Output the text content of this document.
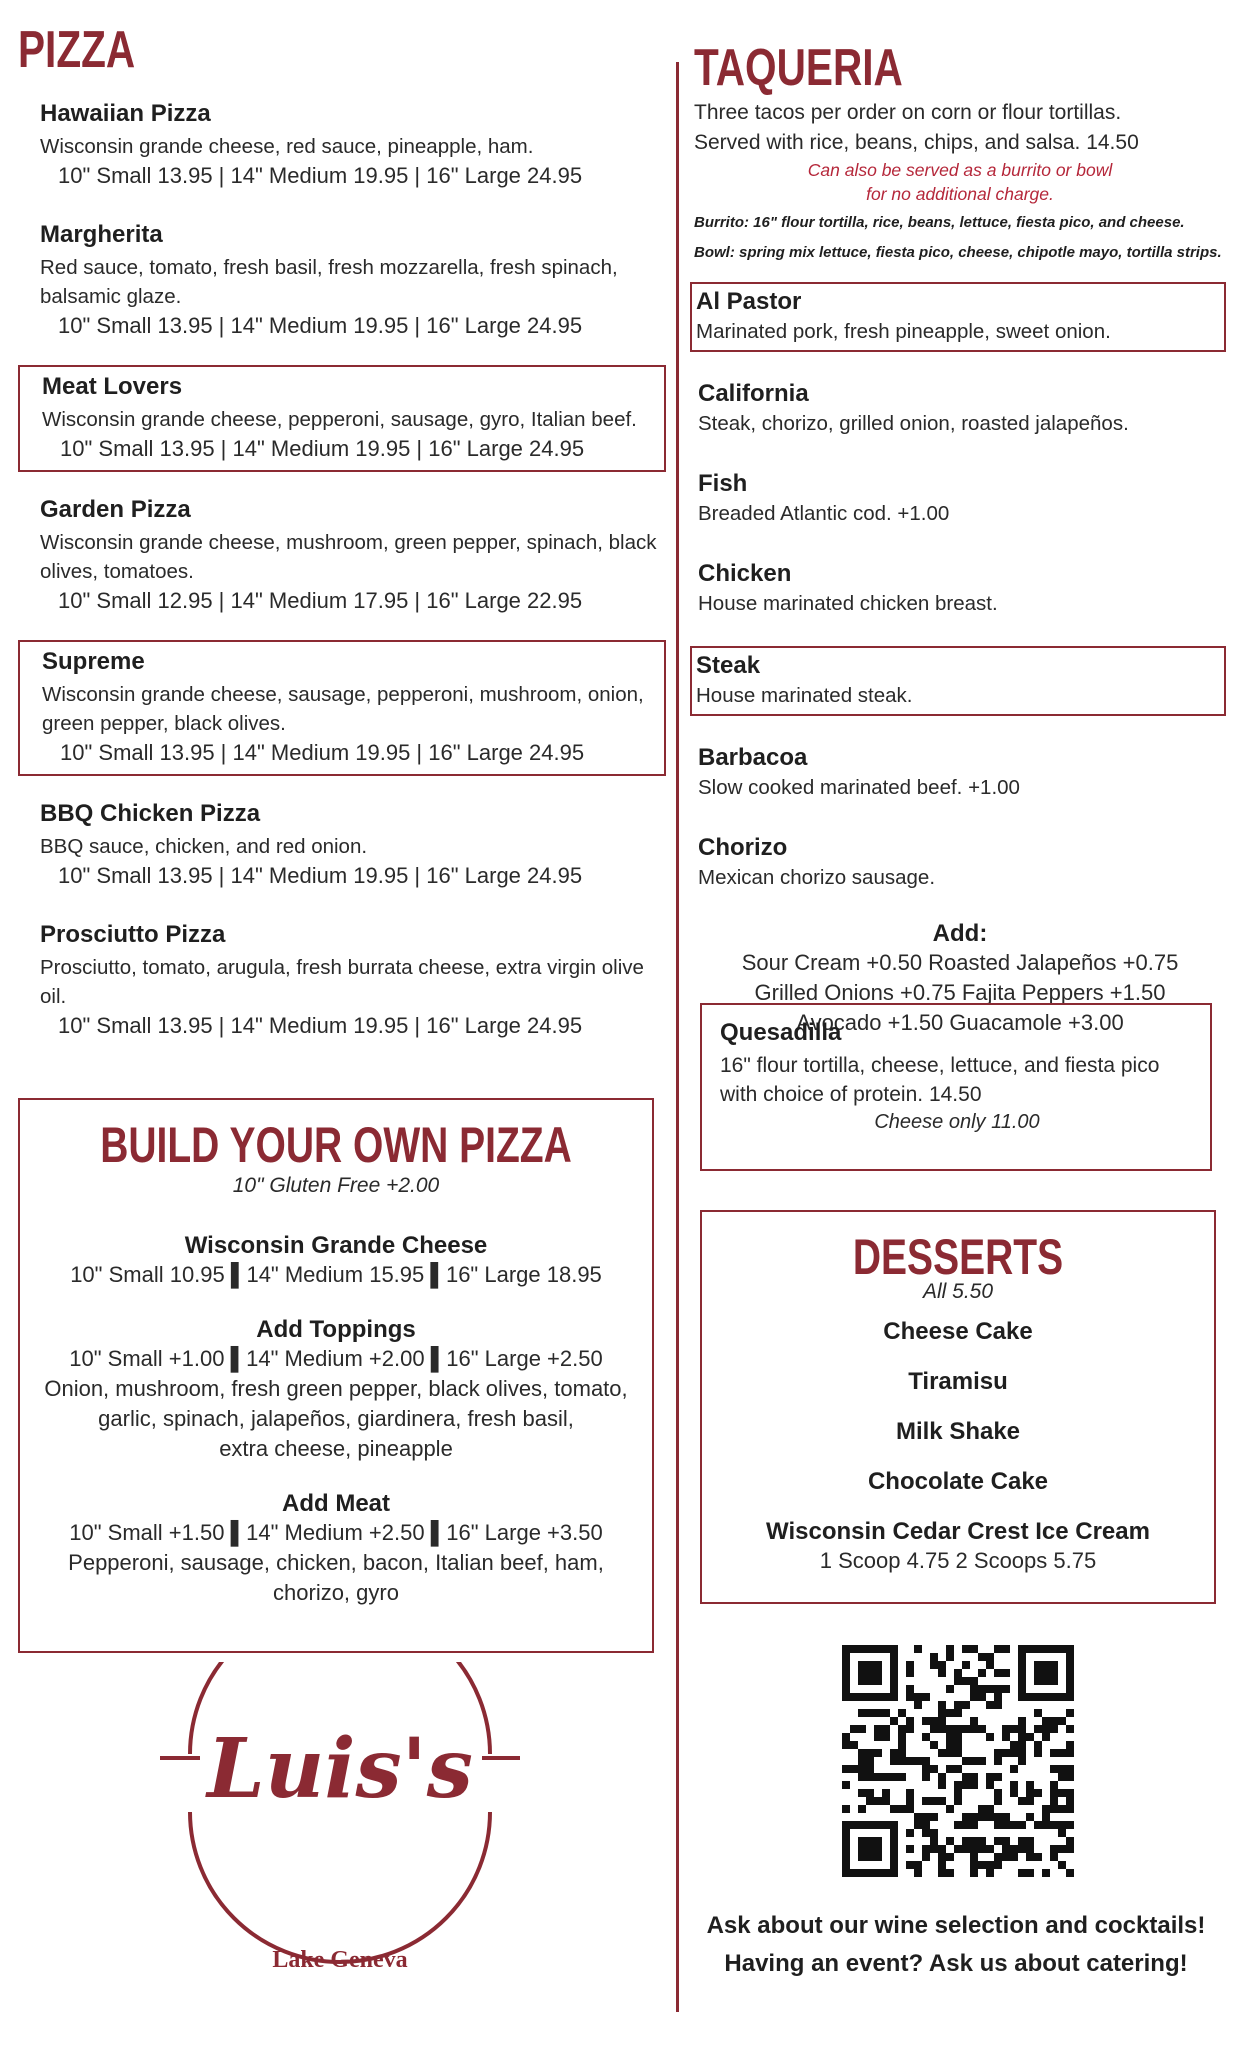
PIZZA

Hawaiian Pizza

Wisconsin grande cheese, red sauce, pineapple, ham.

10" Small 13.95 | 14" Medium 19.95 | 16" Large 24.95

Margherita

Red sauce, tomato, fresh basil, fresh mozzarella, fresh spinach, balsamic glaze.

10" Small 13.95 | 14" Medium 19.95 | 16" Large 24.95

Meat Lovers

Wisconsin grande cheese, pepperoni, sausage, gyro, Italian beef.

10" Small 13.95 | 14" Medium 19.95 | 16" Large 24.95

Garden Pizza

Wisconsin grande cheese, mushroom, green pepper, spinach, black olives, tomatoes.

10" Small 12.95 | 14" Medium 17.95 | 16" Large 22.95

Supreme

Wisconsin grande cheese, sausage, pepperoni, mushroom, onion, green pepper, black olives.

10" Small 13.95 | 14" Medium 19.95 | 16" Large 24.95

BBQ Chicken Pizza

BBQ sauce, chicken, and red onion.

10" Small 13.95 | 14" Medium 19.95 | 16" Large 24.95

Prosciutto Pizza

Prosciutto, tomato, arugula, fresh burrata cheese, extra virgin olive oil.

10" Small 13.95 | 14" Medium 19.95 | 16" Large 24.95

BUILD YOUR OWN PIZZA

10" Gluten Free +2.00

Wisconsin Grande Cheese

10" Small 10.95 ▌14" Medium 15.95 ▌16" Large 18.95

Add Toppings

10" Small +1.00 ▌14" Medium +2.00 ▌16" Large +2.50

Onion, mushroom, fresh green pepper, black olives, tomato,

garlic, spinach, jalapeños, giardinera, fresh basil,

extra cheese, pineapple

Add Meat

10" Small +1.50 ▌14" Medium +2.50 ▌16" Large +3.50

Pepperoni, sausage, chicken, bacon, Italian beef, ham,

chorizo, gyro

Luis's
Lake Geneva
TAQUERIA

Three tacos per order on corn or flour tortillas.

Served with rice, beans, chips, and salsa. 14.50

Can also be served as a burrito or bowl

for no additional charge.

Burrito: 16" flour tortilla, rice, beans, lettuce, fiesta pico, and cheese.

Bowl: spring mix lettuce, fiesta pico, cheese, chipotle mayo, tortilla strips.

Al Pastor

Marinated pork, fresh pineapple, sweet onion.

California

Steak, chorizo, grilled onion, roasted jalapeños.

Fish

Breaded Atlantic cod. +1.00

Chicken

House marinated chicken breast.

Steak

House marinated steak.

Barbacoa

Slow cooked marinated beef. +1.00

Chorizo

Mexican chorizo sausage.

Add:

Sour Cream +0.50 Roasted Jalapeños +0.75

Grilled Onions +0.75 Fajita Peppers +1.50

Avocado +1.50 Guacamole +3.00

Quesadilla

16" flour tortilla, cheese, lettuce, and fiesta pico

with choice of protein. 14.50

Cheese only 11.00

DESSERTS

All 5.50

Cheese Cake

Tiramisu

Milk Shake

Chocolate Cake

Wisconsin Cedar Crest Ice Cream

1 Scoop 4.75 2 Scoops 5.75

Ask about our wine selection and cocktails!

Having an event? Ask us about catering!
